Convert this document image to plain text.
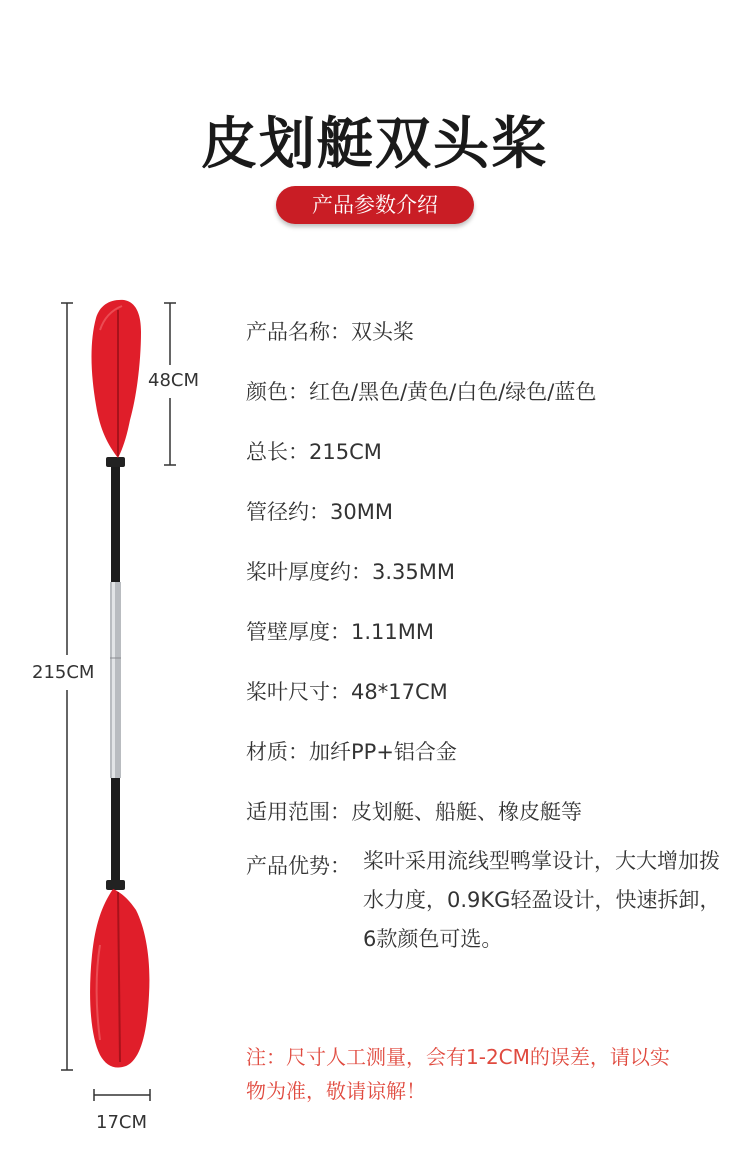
皮划艇双头桨
产品参数介绍
48CM
215CM
17CM
产品名称：双头桨
颜色：红色/黑色/黄色/白色/绿色/蓝色
总长：215CM
管径约：30MM
桨叶厚度约：3.35MM
管壁厚度：1.11MM
桨叶尺寸：48*17CM
材质：加纤PP+铝合金
适用范围：皮划艇、船艇、橡皮艇等
产品优势： 桨叶采用流线型鸭掌设计，大大增加拨水力度，0.9KG轻盈设计，快速拆卸，6款颜色可选。
注：尺寸人工测量，会有1-2CM的误差，请以实物为准，敬请谅解！
